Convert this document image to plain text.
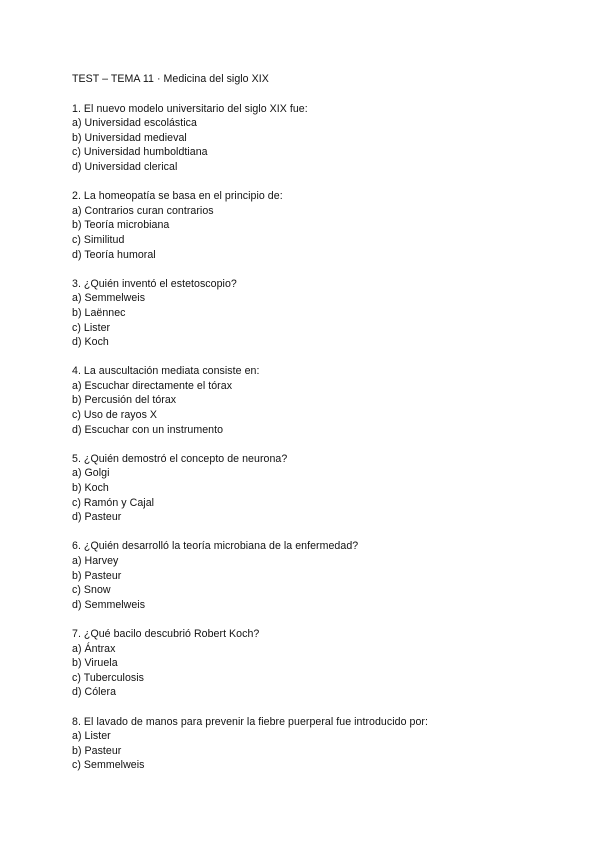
TEST – TEMA 11 · Medicina del siglo XIX
1. El nuevo modelo universitario del siglo XIX fue:
a) Universidad escolástica
b) Universidad medieval
c) Universidad humboldtiana
d) Universidad clerical
2. La homeopatía se basa en el principio de:
a) Contrarios curan contrarios
b) Teoría microbiana
c) Similitud
d) Teoría humoral
3. ¿Quién inventó el estetoscopio?
a) Semmelweis
b) Laënnec
c) Lister
d) Koch
4. La auscultación mediata consiste en:
a) Escuchar directamente el tórax
b) Percusión del tórax
c) Uso de rayos X
d) Escuchar con un instrumento
5. ¿Quién demostró el concepto de neurona?
a) Golgi
b) Koch
c) Ramón y Cajal
d) Pasteur
6. ¿Quién desarrolló la teoría microbiana de la enfermedad?
a) Harvey
b) Pasteur
c) Snow
d) Semmelweis
7. ¿Qué bacilo descubrió Robert Koch?
a) Ántrax
b) Viruela
c) Tuberculosis
d) Cólera
8. El lavado de manos para prevenir la fiebre puerperal fue introducido por:
a) Lister
b) Pasteur
c) Semmelweis
